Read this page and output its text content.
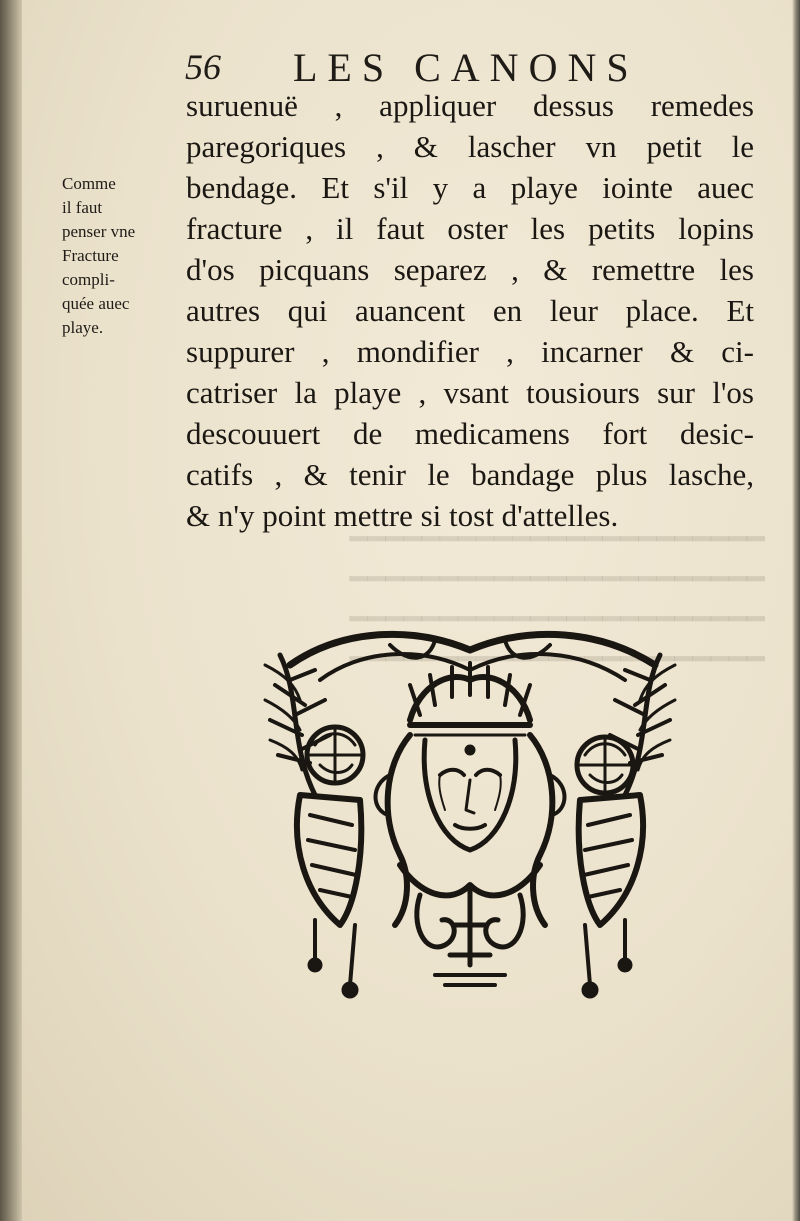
━━━━━━━━━━━━━━━━━━━━━━━
━━━━━━━━━━━━━━━━━━━━━━━
━━━━━━━━━━━━━━━━━━━━━━━
━━━━━━━━━━━━━━━━━━━━━━━
56 LES CANONS
Comme
il faut
penser vne
Fracture
compli-
quée auec
playe.
suruenuë , appliquer dessus remedes
paregoriques , & lascher vn petit le
bendage. Et s'il y a playe iointe auec
fracture , il faut oster les petits lopins
d'os picquans separez , & remettre les
autres qui auancent en leur place. Et
suppurer , mondifier , incarner & ci-
catriser la playe , vsant tousiours sur l'os
descouuert de medicamens fort desic-
catifs , & tenir le bandage plus lasche,
& n'y point mettre si tost d'attelles.
